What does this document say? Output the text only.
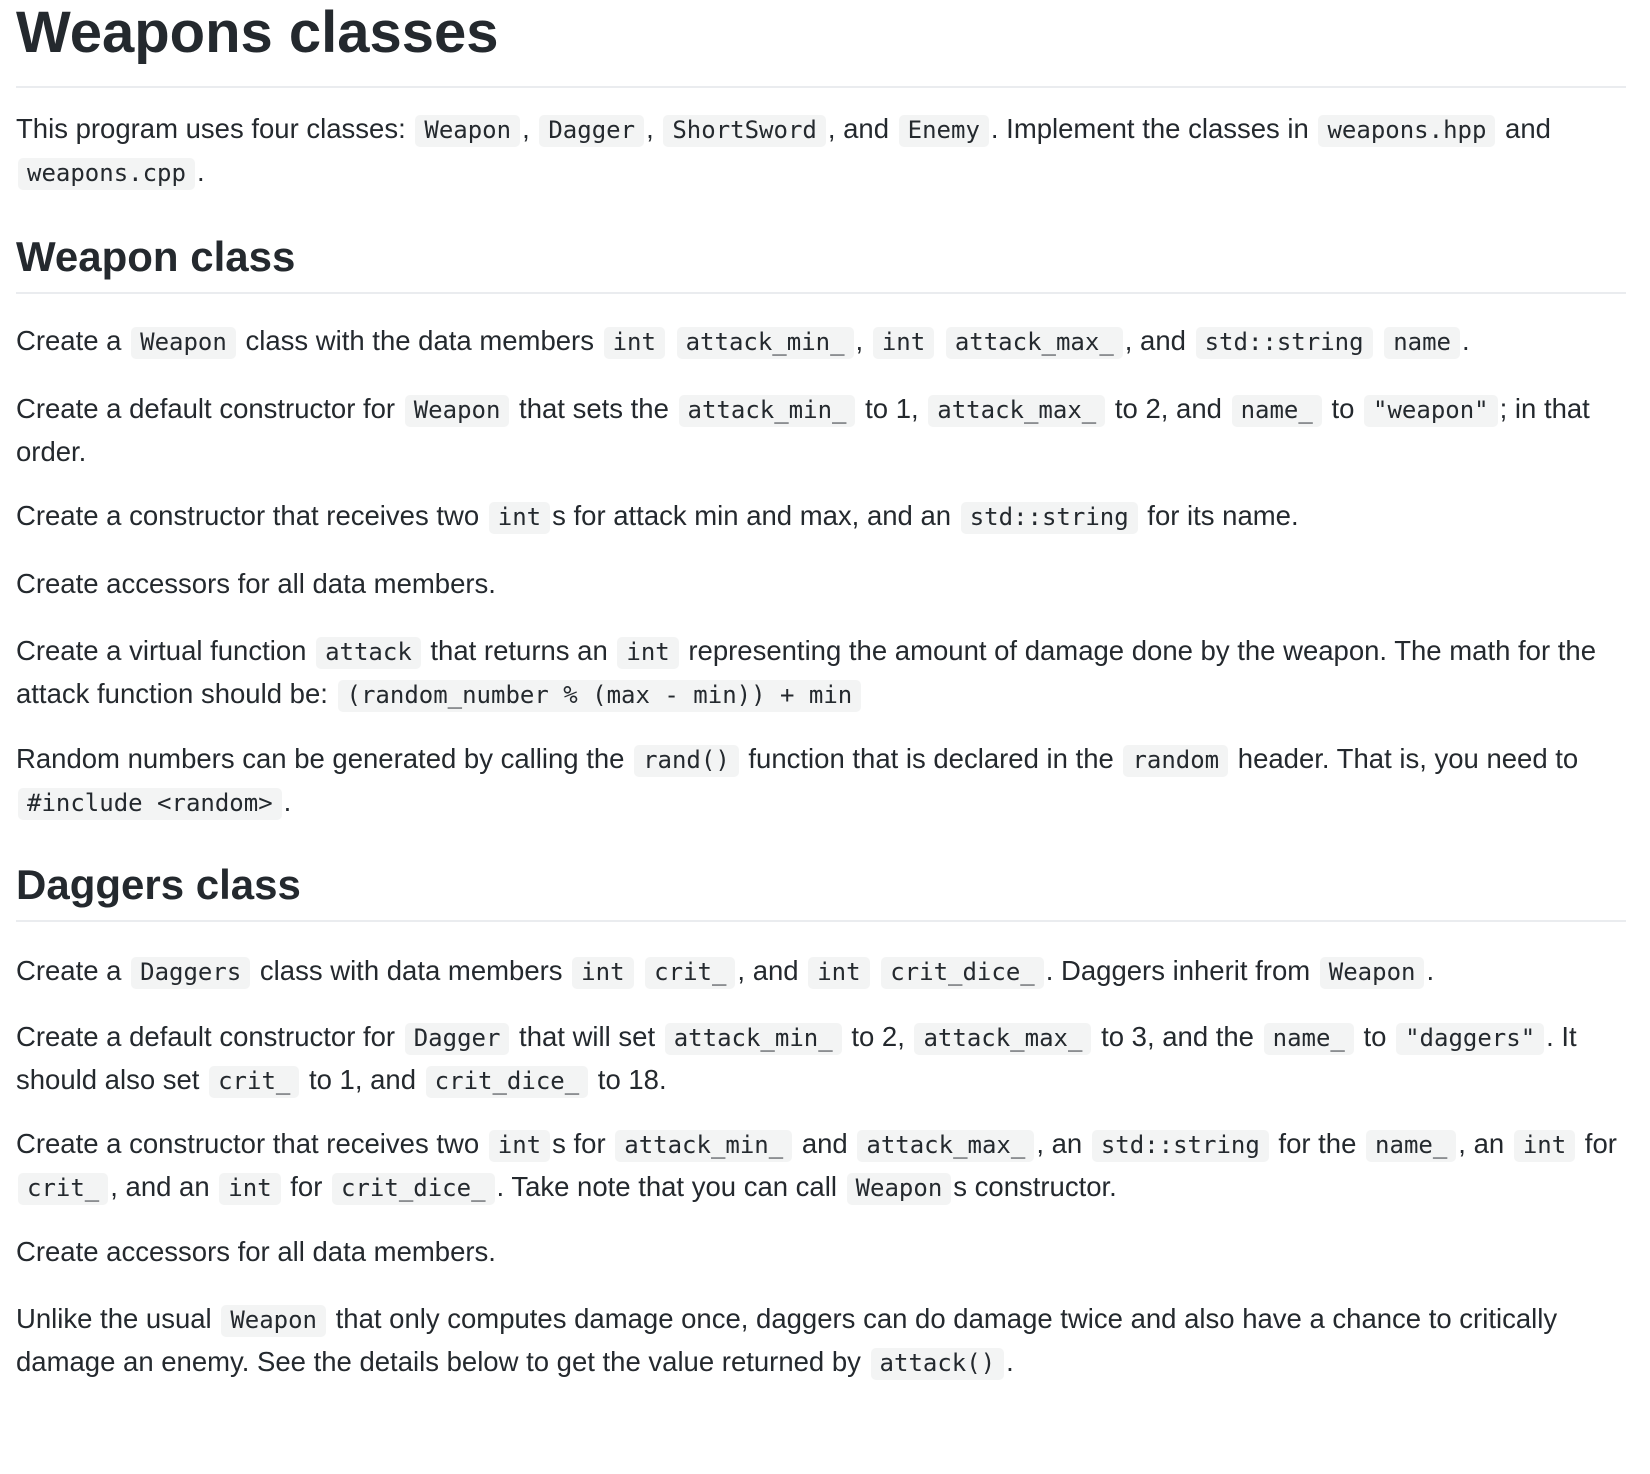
Weapons classes

This program uses four classes: Weapon , Dagger , ShortSword , and Enemy . Implement the classes in weapons.hpp and weapons.cpp .

Weapon class

Create a Weapon class with the data members int attack_min_ , int attack_max_ , and std::string name .

Create a default constructor for Weapon that sets the attack_min_ to 1, attack_max_ to 2, and name_ to "weapon" ; in that order.

Create a constructor that receives two int s for attack min and max, and an std::string for its name.

Create accessors for all data members.

Create a virtual function attack that returns an int representing the amount of damage done by the weapon. The math for the attack function should be: (random_number % (max - min)) + min

Random numbers can be generated by calling the rand() function that is declared in the random header. That is, you need to #include <random> .

Daggers class

Create a Daggers class with data members int crit_ , and int crit_dice_ . Daggers inherit from Weapon .

Create a default constructor for Dagger that will set attack_min_ to 2, attack_max_ to 3, and the name_ to "daggers" . It should also set crit_ to 1, and crit_dice_ to 18.

Create a constructor that receives two int s for attack_min_ and attack_max_ , an std::string for the name_ , an int for crit_ , and an int for crit_dice_ . Take note that you can call Weapon s constructor.

Create accessors for all data members.

Unlike the usual Weapon that only computes damage once, daggers can do damage twice and also have a chance to critically damage an enemy. See the details below to get the value returned by attack() .
